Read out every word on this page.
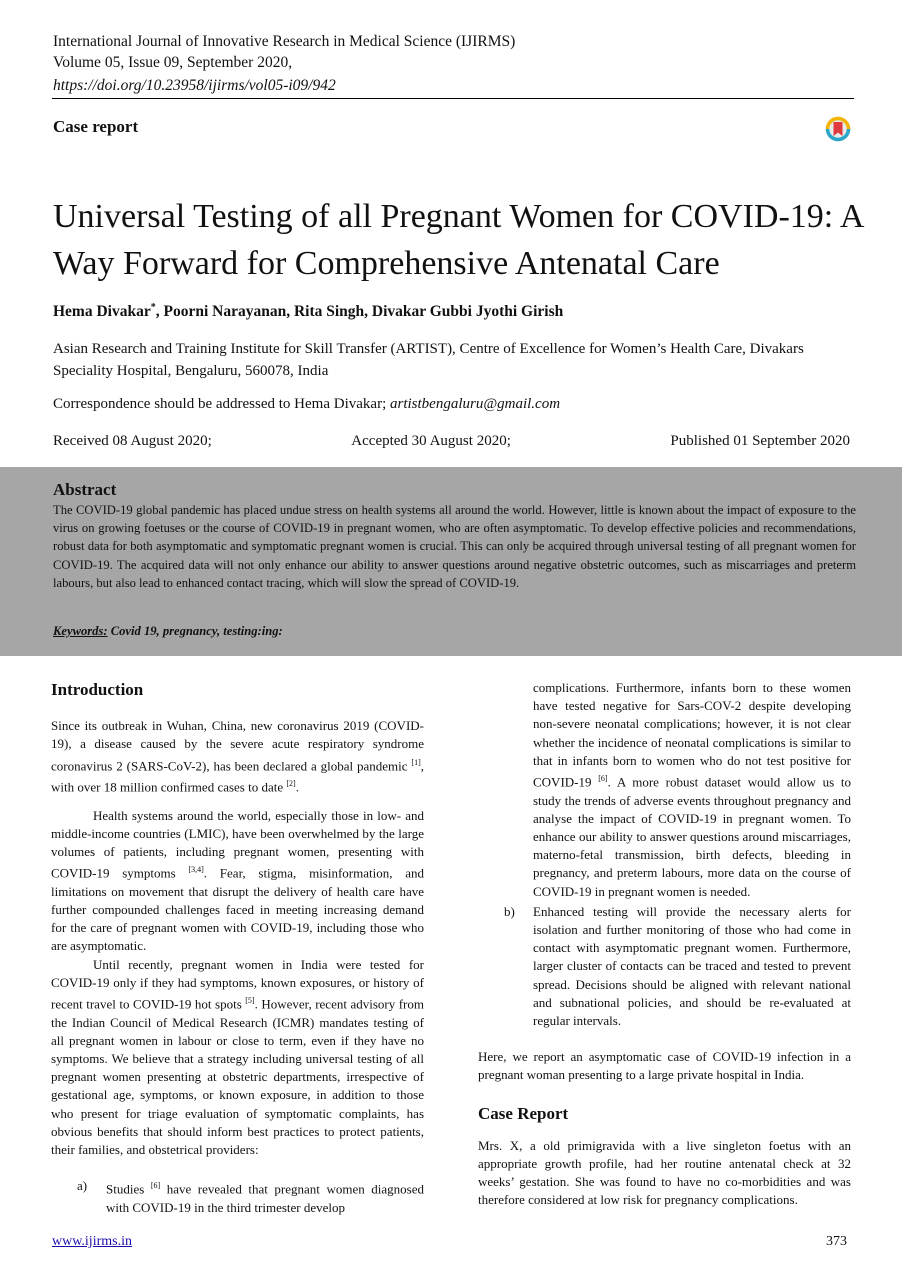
International Journal of Innovative Research in Medical Science (IJIRMS)
Volume 05, Issue 09, September 2020,
https://doi.org/10.23958/ijirms/vol05-i09/942
Case report
Universal Testing of all Pregnant Women for COVID-19: A Way Forward for Comprehensive Antenatal Care
Hema Divakar*, Poorni Narayanan, Rita Singh, Divakar Gubbi Jyothi Girish
Asian Research and Training Institute for Skill Transfer (ARTIST), Centre of Excellence for Women’s Health Care, Divakars Speciality Hospital, Bengaluru, 560078, India
Correspondence should be addressed to Hema Divakar; artistbengaluru@gmail.com
Received 08 August 2020;	Accepted 30 August 2020;	Published 01 September 2020
Abstract
The COVID-19 global pandemic has placed undue stress on health systems all around the world. However, little is known about the impact of exposure to the virus on growing foetuses or the course of COVID-19 in pregnant women, who are often asymptomatic. To develop effective policies and recommendations, robust data for both asymptomatic and symptomatic pregnant women is crucial. This can only be acquired through universal testing of all pregnant women for COVID-19. The acquired data will not only enhance our ability to answer questions around negative obstetric outcomes, such as miscarriages and preterm labours, but also lead to enhanced contact tracing, which will slow the spread of COVID-19.
Keywords: Covid 19, pregnancy, testing:ing:
Introduction

Since its outbreak in Wuhan, China, new coronavirus 2019 (COVID-19), a disease caused by the severe acute respiratory syndrome coronavirus 2 (SARS-CoV-2), has been declared a global pandemic [1], with over 18 million confirmed cases to date [2].

Health systems around the world, especially those in low- and middle-income countries (LMIC), have been overwhelmed by the large volumes of patients, including pregnant women, presenting with COVID-19 symptoms [3,4]. Fear, stigma, misinformation, and limitations on movement that disrupt the delivery of health care have further compounded challenges faced in meeting increasing demand for the care of pregnant women with COVID-19, including those who are asymptomatic.

Until recently, pregnant women in India were tested for COVID-19 only if they had symptoms, known exposures, or history of recent travel to COVID-19 hot spots [5]. However, recent advisory from the Indian Council of Medical Research (ICMR) mandates testing of all pregnant women in labour or close to term, even if they have no symptoms. We believe that a strategy including universal testing of all pregnant women presenting at obstetric departments, irrespective of gestational age, symptoms, or known exposure, in addition to those who present for triage evaluation of symptomatic complaints, has obvious benefits that should inform best practices to protect patients, their families, and obstetrical providers:

a) Studies [6] have revealed that pregnant women diagnosed with COVID-19 in the third trimester develop
complications. Furthermore, infants born to these women have tested negative for Sars-COV-2 despite developing non-severe neonatal complications; however, it is not clear whether the incidence of neonatal complications is similar to that in infants born to women who do not test positive for COVID-19 [6]. A more robust dataset would allow us to study the trends of adverse events throughout pregnancy and analyse the impact of COVID-19 in pregnant women. To enhance our ability to answer questions around miscarriages, materno-fetal transmission, birth defects, bleeding in pregnancy, and preterm labours, more data on the course of COVID-19 in pregnant women is needed.
b) Enhanced testing will provide the necessary alerts for isolation and further monitoring of those who had come in contact with asymptomatic pregnant women. Furthermore, larger cluster of contacts can be traced and tested to prevent spread. Decisions should be aligned with relevant national and subnational policies, and should be re-evaluated at regular intervals.

Here, we report an asymptomatic case of COVID-19 infection in a pregnant woman presenting to a large private hospital in India.

Case Report

Mrs. X, a old primigravida with a live singleton foetus with an appropriate growth profile, had her routine antenatal check at 32 weeks’ gestation. She was found to have no co-morbidities and was therefore considered at low risk for pregnancy complications.

www.ijirms.in	373
